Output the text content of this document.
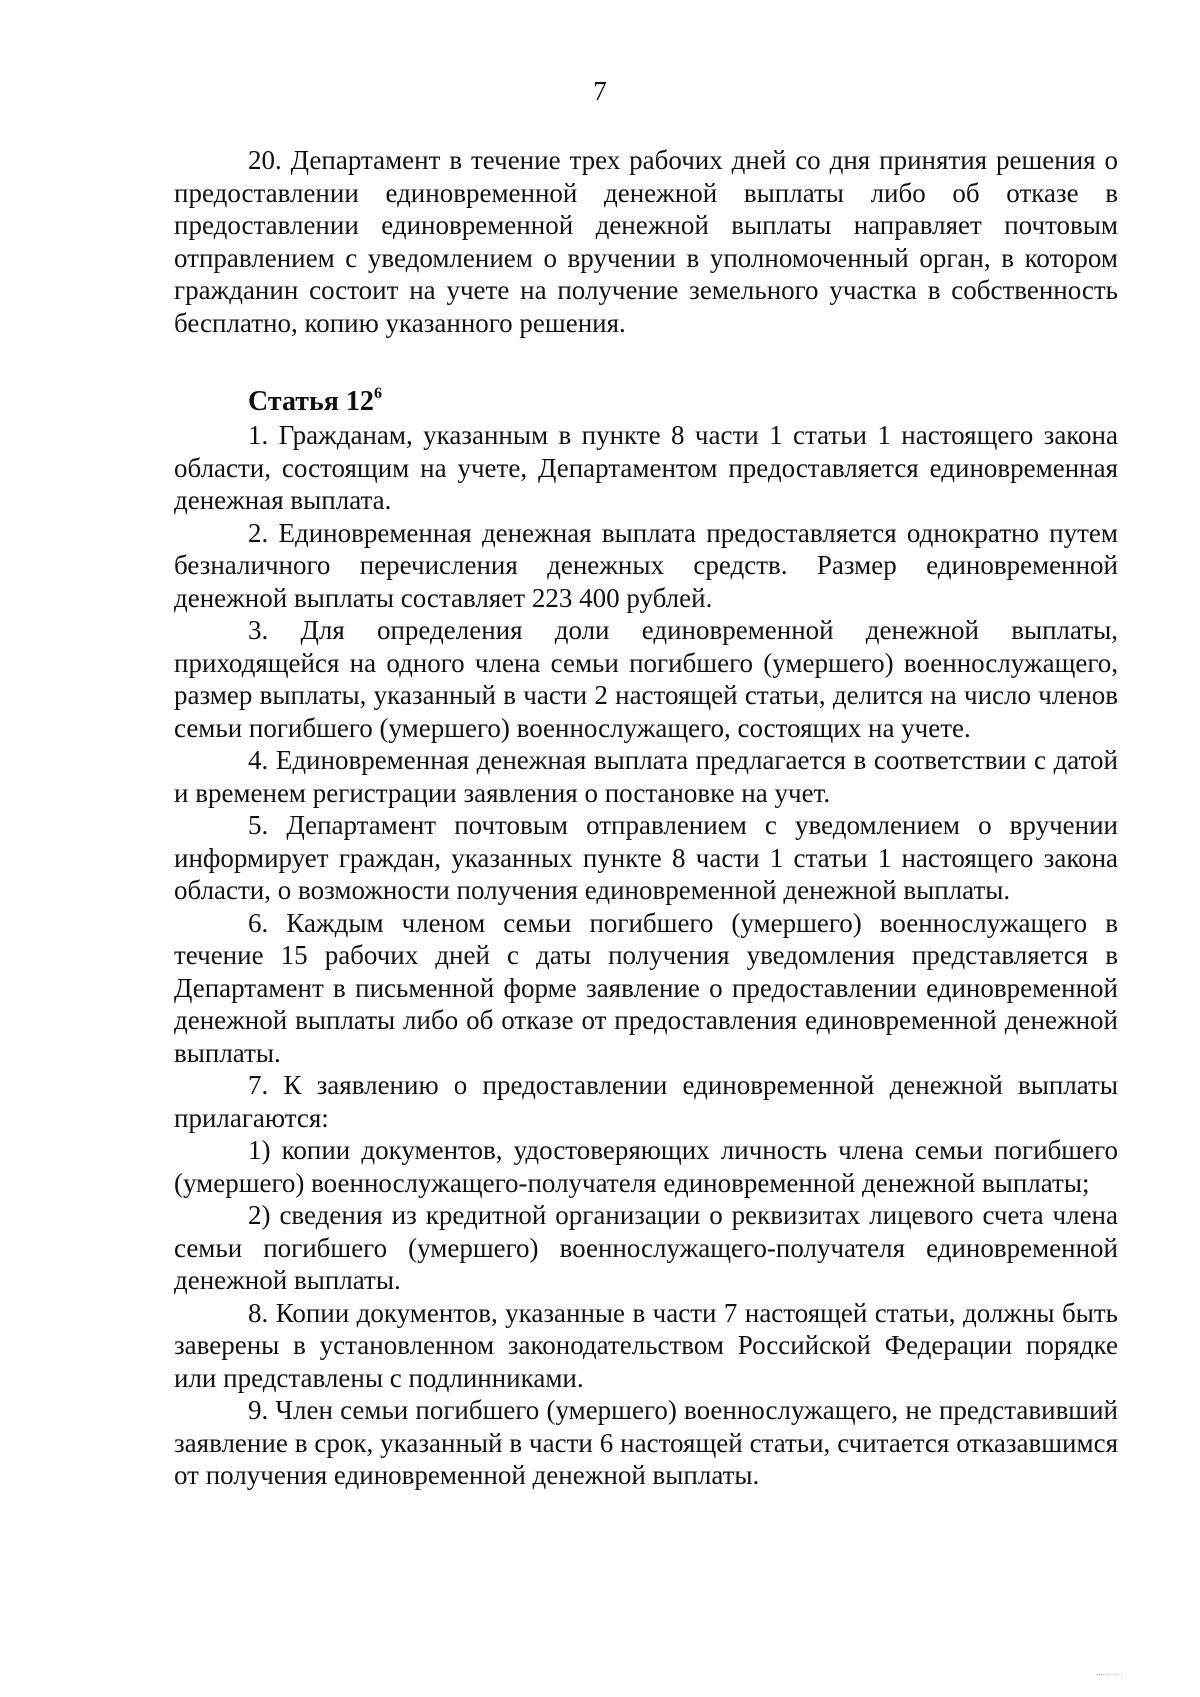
7

20. Департамент в течение трех рабочих дней со дня принятия решения о предоставлении единовременной денежной выплаты либо об отказе в предоставлении единовременной денежной выплаты направляет почтовым отправлением с уведомлением о вручении в уполномоченный орган, в котором гражданин состоит на учете на получение земельного участка в собственность бесплатно, копию указанного решения.

Статья $12^6$

1. Гражданам, указанным в пункте 8 части 1 статьи 1 настоящего закона области, состоящим на учете, Департаментом предоставляется единовременная денежная выплата.

2. Единовременная денежная выплата предоставляется однократно путем безналичного перечисления денежных средств. Размер единовременной денежной выплаты составляет 223 400 рублей.

3. Для определения доли единовременной денежной выплаты, приходящейся на одного члена семьи погибшего (умершего) военнослужащего, размер выплаты, указанный в части 2 настоящей статьи, делится на число членов семьи погибшего (умершего) военнослужащего, состоящих на учете.

4. Единовременная денежная выплата предлагается в соответствии с датой и временем регистрации заявления о постановке на учет.

5. Департамент почтовым отправлением с уведомлением о вручении информирует граждан, указанных пункте 8 части 1 статьи 1 настоящего закона области, о возможности получения единовременной денежной выплаты.

6. Каждым членом семьи погибшего (умершего) военнослужащего в течение 15 рабочих дней с даты получения уведомления представляется в Департамент в письменной форме заявление о предоставлении единовременной денежной выплаты либо об отказе от предоставления единовременной денежной выплаты.

7. К заявлению о предоставлении единовременной денежной выплаты прилагаются:

1) копии документов, удостоверяющих личность члена семьи погибшего (умершего) военнослужащего-получателя единовременной денежной выплаты;

2) сведения из кредитной организации о реквизитах лицевого счета члена семьи погибшего (умершего) военнослужащего-получателя единовременной денежной выплаты.

8. Копии документов, указанные в части 7 настоящей статьи, должны быть заверены в установленном законодательством Российской Федерации порядке или представлены с подлинниками.

9. Член семьи погибшего (умершего) военнослужащего, не представивший заявление в срок, указанный в части 6 настоящей статьи, считается отказавшимся от получения единовременной денежной выплаты.
